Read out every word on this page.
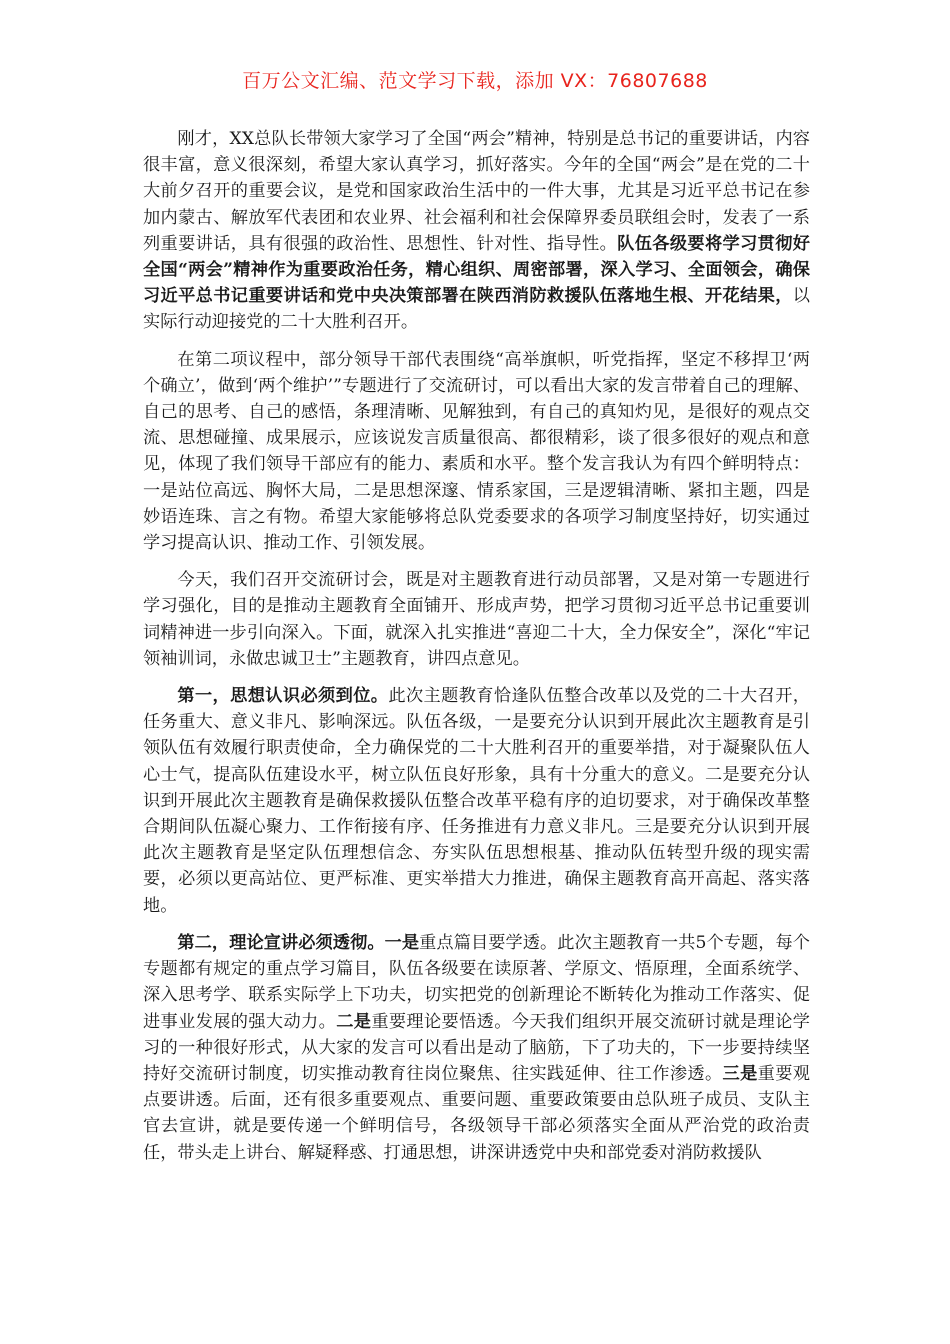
百万公文汇编、范文学习下载，添加 VX：76807688

刚才，XX总队长带领大家学习了全国“两会”精神，特别是总书记的重要讲话，内容很丰富，意义很深刻，希望大家认真学习，抓好落实。今年的全国“两会”是在党的二十大前夕召开的重要会议，是党和国家政治生活中的一件大事，尤其是习近平总书记在参加内蒙古、解放军代表团和农业界、社会福利和社会保障界委员联组会时，发表了一系列重要讲话，具有很强的政治性、思想性、针对性、指导性。队伍各级要将学习贯彻好全国“两会”精神作为重要政治任务，精心组织、周密部署，深入学习、全面领会，确保习近平总书记重要讲话和党中央决策部署在陕西消防救援队伍落地生根、开花结果，以实际行动迎接党的二十大胜利召开。

在第二项议程中，部分领导干部代表围绕“高举旗帜，听党指挥，坚定不移捍卫‘两个确立’，做到‘两个维护’”专题进行了交流研讨，可以看出大家的发言带着自己的理解、自己的思考、自己的感悟，条理清晰、见解独到，有自己的真知灼见，是很好的观点交流、思想碰撞、成果展示，应该说发言质量很高、都很精彩，谈了很多很好的观点和意见，体现了我们领导干部应有的能力、素质和水平。整个发言我认为有四个鲜明特点：一是站位高远、胸怀大局，二是思想深邃、情系家国，三是逻辑清晰、紧扣主题，四是妙语连珠、言之有物。希望大家能够将总队党委要求的各项学习制度坚持好，切实通过学习提高认识、推动工作、引领发展。

今天，我们召开交流研讨会，既是对主题教育进行动员部署，又是对第一专题进行学习强化，目的是推动主题教育全面铺开、形成声势，把学习贯彻习近平总书记重要训词精神进一步引向深入。下面，就深入扎实推进“喜迎二十大，全力保安全”，深化“牢记领袖训词，永做忠诚卫士”主题教育，讲四点意见。

第一，思想认识必须到位。此次主题教育恰逢队伍整合改革以及党的二十大召开，任务重大、意义非凡、影响深远。队伍各级，一是要充分认识到开展此次主题教育是引领队伍有效履行职责使命，全力确保党的二十大胜利召开的重要举措，对于凝聚队伍人心士气，提高队伍建设水平，树立队伍良好形象，具有十分重大的意义。二是要充分认识到开展此次主题教育是确保救援队伍整合改革平稳有序的迫切要求，对于确保改革整合期间队伍凝心聚力、工作衔接有序、任务推进有力意义非凡。三是要充分认识到开展此次主题教育是坚定队伍理想信念、夯实队伍思想根基、推动队伍转型升级的现实需要，必须以更高站位、更严标准、更实举措大力推进，确保主题教育高开高起、落实落地。

第二，理论宣讲必须透彻。一是重点篇目要学透。此次主题教育一共5个专题，每个专题都有规定的重点学习篇目，队伍各级要在读原著、学原文、悟原理，全面系统学、深入思考学、联系实际学上下功夫，切实把党的创新理论不断转化为推动工作落实、促进事业发展的强大动力。二是重要理论要悟透。今天我们组织开展交流研讨就是理论学习的一种很好形式，从大家的发言可以看出是动了脑筋，下了功夫的，下一步要持续坚持好交流研讨制度，切实推动教育往岗位聚焦、往实践延伸、往工作渗透。三是重要观点要讲透。后面，还有很多重要观点、重要问题、重要政策要由总队班子成员、支队主官去宣讲，就是要传递一个鲜明信号，各级领导干部必须落实全面从严治党的政治责任，带头走上讲台、解疑释惑、打通思想，讲深讲透党中央和部党委对消防救援队
